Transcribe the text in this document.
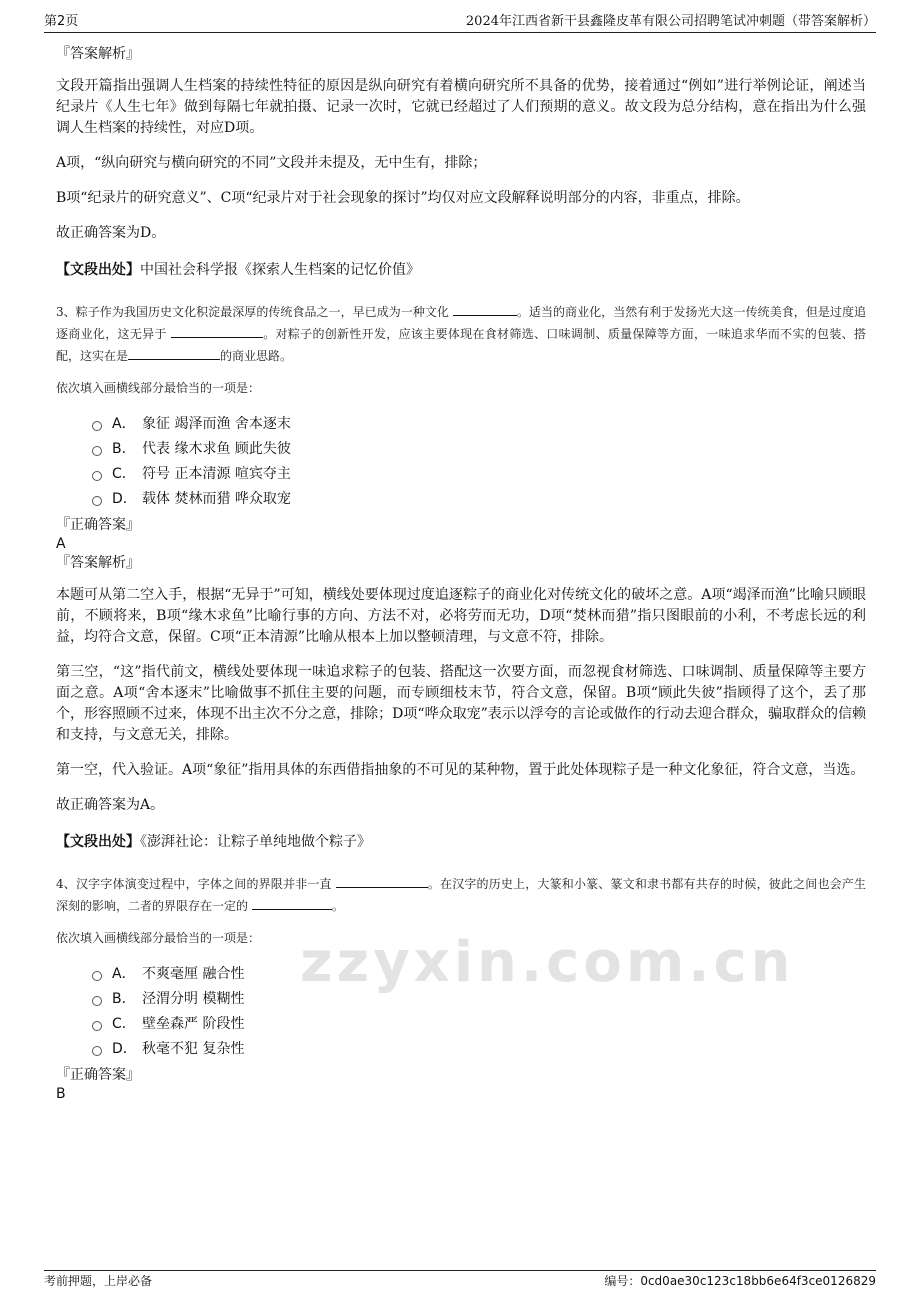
第2页	2024年江西省新干县鑫隆皮革有限公司招聘笔试冲刺题（带答案解析）
zzyxin.com.cn

『答案解析』

文段开篇指出强调人生档案的持续性特征的原因是纵向研究有着横向研究所不具备的优势，接着通过“例如”进行举例论证，阐述当纪录片《人生七年》做到每隔七年就拍摄、记录一次时，它就已经超过了人们预期的意义。故文段为总分结构，意在指出为什么强调人生档案的持续性，对应D项。

A项，“纵向研究与横向研究的不同”文段并未提及，无中生有，排除；

B项“纪录片的研究意义”、C项“纪录片对于社会现象的探讨”均仅对应文段解释说明部分的内容，非重点，排除。

故正确答案为D。

【文段出处】中国社会科学报《探索人生档案的记忆价值》

3、粽子作为我国历史文化积淀最深厚的传统食品之一，早已成为一种文化	。适当的商业化，当然有利于发扬光大这一传统美食，但是过度追逐商业化，这无异于	。对粽子的创新性开发，应该主要体现在食材筛选、口味调制、质量保障等方面，一味追求华而不实的包装、搭配，这实在是	的商业思路。

依次填入画横线部分最恰当的一项是：

A． 象征 竭泽而渔 舍本逐末
B． 代表 缘木求鱼 顾此失彼
C． 符号 正本清源 喧宾夺主
D． 载体 焚林而猎 哗众取宠

『正确答案』

A

『答案解析』

本题可从第二空入手，根据“无异于”可知，横线处要体现过度追逐粽子的商业化对传统文化的破坏之意。A项“竭泽而渔”比喻只顾眼前，不顾将来，B项“缘木求鱼”比喻行事的方向、方法不对，必将劳而无功，D项“焚林而猎”指只图眼前的小利，不考虑长远的利益，均符合文意，保留。C项“正本清源”比喻从根本上加以整顿清理，与文意不符，排除。

第三空，“这”指代前文，横线处要体现一味追求粽子的包装、搭配这一次要方面，而忽视食材筛选、口味调制、质量保障等主要方面之意。A项“舍本逐末”比喻做事不抓住主要的问题，而专顾细枝末节，符合文意，保留。B项“顾此失彼”指顾得了这个，丢了那个，形容照顾不过来，体现不出主次不分之意，排除；D项“哗众取宠”表示以浮夸的言论或做作的行动去迎合群众，骗取群众的信赖和支持，与文意无关，排除。

第一空，代入验证。A项“象征”指用具体的东西借指抽象的不可见的某种物，置于此处体现粽子是一种文化象征，符合文意，当选。

故正确答案为A。

【文段出处】《澎湃社论：让粽子单纯地做个粽子》

4、汉字字体演变过程中，字体之间的界限并非一直	。在汉字的历史上，大篆和小篆、篆文和隶书都有共存的时候，彼此之间也会产生深刻的影响，二者的界限存在一定的	。

依次填入画横线部分最恰当的一项是：

A． 不爽毫厘 融合性
B． 泾渭分明 模糊性
C． 壁垒森严 阶段性
D． 秋毫不犯 复杂性

『正确答案』

B

考前押题，上岸必备	编号：0cd0ae30c123c18bb6e64f3ce0126829
